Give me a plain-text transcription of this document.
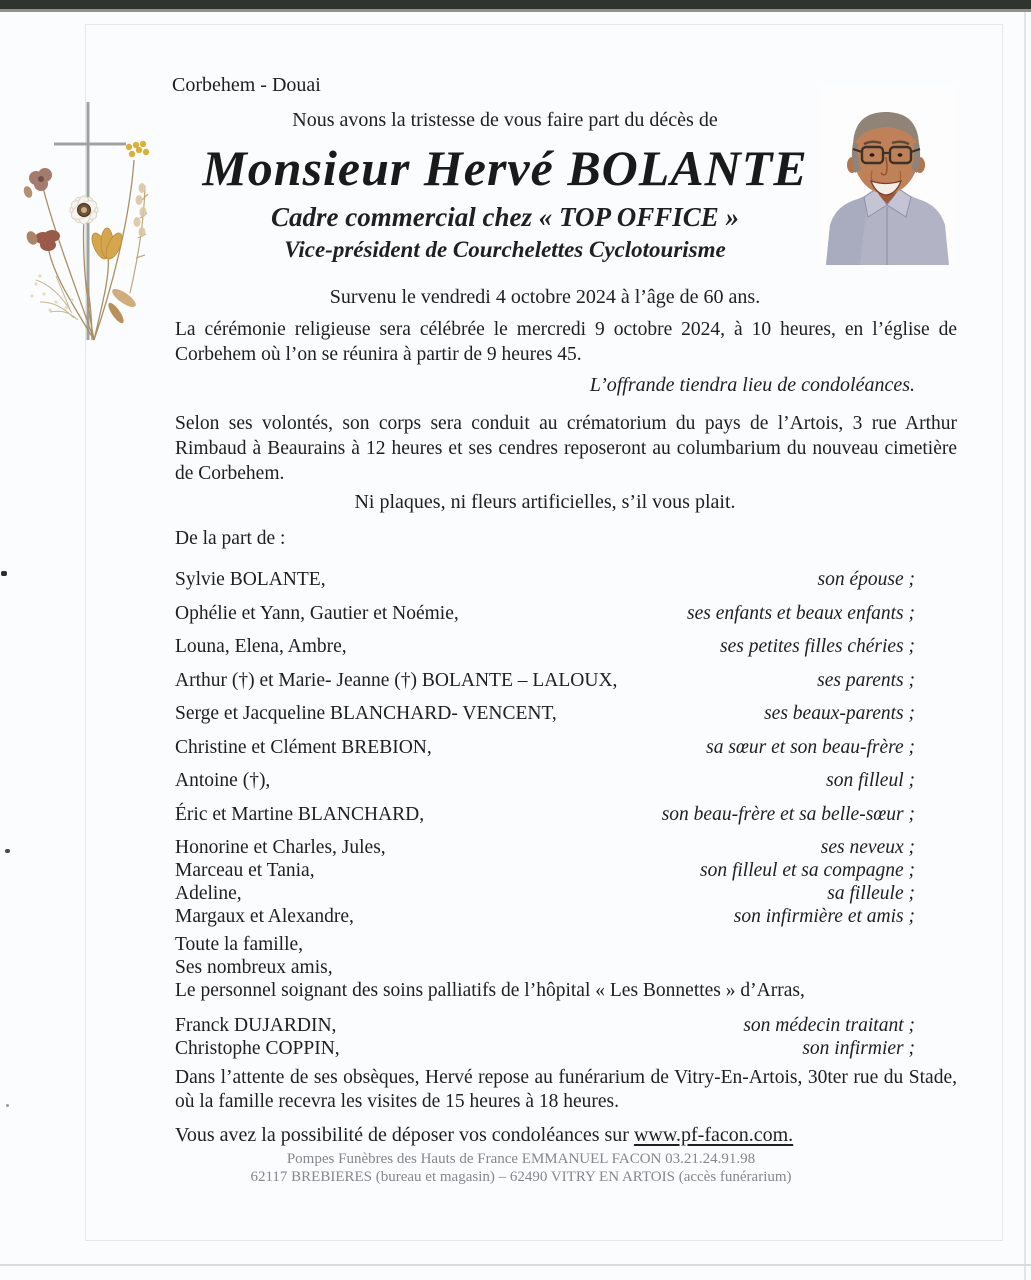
Corbehem - Douai
Nous avons la tristesse de vous faire part du décès de
Monsieur Hervé BOLANTE
Cadre commercial chez « TOP OFFICE »
Vice-président de Courchelettes Cyclotourisme
Survenu le vendredi 4 octobre 2024 à l’âge de 60 ans.
La cérémonie religieuse sera célébrée le mercredi 9 octobre 2024, à 10 heures, en l’église de Corbehem où l’on se réunira à partir de 9 heures 45.
L’offrande tiendra lieu de condoléances.
Selon ses volontés, son corps sera conduit au crématorium du pays de l’Artois, 3 rue Arthur Rimbaud à Beaurains à 12 heures et ses cendres reposeront au columbarium du nouveau cimetière de Corbehem.
Ni plaques, ni fleurs artificielles, s’il vous plait.
De la part de :
Sylvie BOLANTE,	son épouse ;
Ophélie et Yann, Gautier et Noémie,	ses enfants et beaux enfants ;
Louna, Elena, Ambre,	ses petites filles chéries ;
Arthur (†) et Marie- Jeanne (†) BOLANTE – LALOUX,	ses parents ;
Serge et Jacqueline BLANCHARD- VENCENT,	ses beaux-parents ;
Christine et Clément BREBION,	sa sœur et son beau-frère ;
Antoine (†),	son filleul ;
Éric et Martine BLANCHARD,	son beau-frère et sa belle-sœur ;
Honorine et Charles, Jules,	ses neveux ;
Marceau et Tania,	son filleul et sa compagne ;
Adeline,	sa filleule ;
Margaux et Alexandre,	son infirmière et amis ;
Toute la famille,
Ses nombreux amis,
Le personnel soignant des soins palliatifs de l’hôpital « Les Bonnettes » d’Arras,
Franck DUJARDIN,	son médecin traitant ;
Christophe COPPIN,	son infirmier ;
Dans l’attente de ses obsèques, Hervé repose au funérarium de Vitry-En-Artois, 30ter rue du Stade, où la famille recevra les visites de 15 heures à 18 heures.
Vous avez la possibilité de déposer vos condoléances sur www.pf-facon.com.
Pompes Funèbres des Hauts de France EMMANUEL FACON 03.21.24.91.98
62117 BREBIERES (bureau et magasin) – 62490 VITRY EN ARTOIS (accès funérarium)
